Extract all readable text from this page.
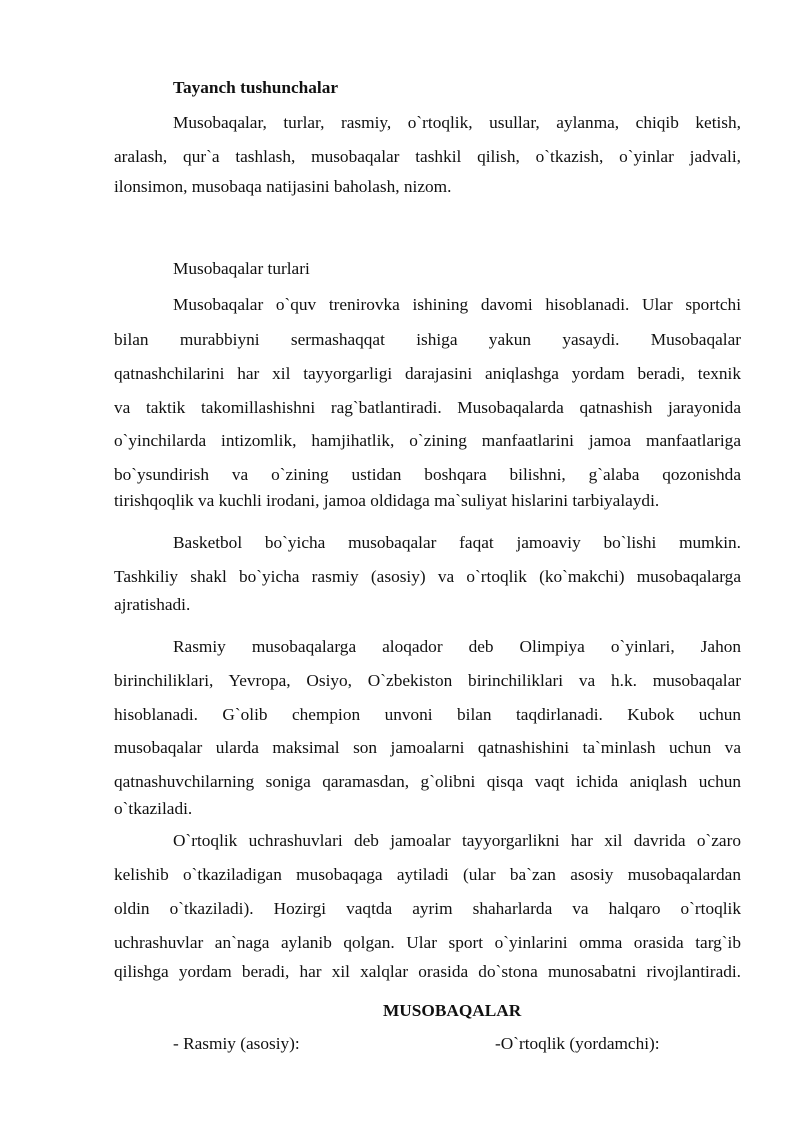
Tayanch tushunchalar
Musobaqalar, turlar, rasmiy, o`rtoqlik, usullar, aylanma, chiqib ketish,
aralash, qur`a tashlash, musobaqalar tashkil qilish, o`tkazish, o`yinlar jadvali,
ilonsimon, musobaqa natijasini baholash, nizom.
Musobaqalar turlari
Musobaqalar o`quv trenirovka ishining davomi hisoblanadi. Ular sportchi
bilan murabbiyni sermashaqqat ishiga yakun yasaydi. Musobaqalar
qatnashchilarini har xil tayyorgarligi darajasini aniqlashga yordam beradi, texnik
va taktik takomillashishni rag`batlantiradi. Musobaqalarda qatnashish jarayonida
o`yinchilarda intizomlik, hamjihatlik, o`zining manfaatlarini jamoa manfaatlariga
bo`ysundirish va o`zining ustidan boshqara bilishni, g`alaba qozonishda
tirishqoqlik va kuchli irodani, jamoa oldidaga ma`suliyat hislarini tarbiyalaydi.
Basketbol bo`yicha musobaqalar faqat jamoaviy bo`lishi mumkin.
Tashkiliy shakl bo`yicha rasmiy (asosiy) va o`rtoqlik (ko`makchi) musobaqalarga
ajratishadi.
Rasmiy musobaqalarga aloqador deb Olimpiya o`yinlari, Jahon
birinchiliklari, Yevropa, Osiyo, O`zbekiston birinchiliklari va h.k. musobaqalar
hisoblanadi. G`olib chempion unvoni bilan taqdirlanadi. Kubok uchun
musobaqalar ularda maksimal son jamoalarni qatnashishini ta`minlash uchun va
qatnashuvchilarning soniga qaramasdan, g`olibni qisqa vaqt ichida aniqlash uchun
o`tkaziladi.
O`rtoqlik uchrashuvlari deb jamoalar tayyorgarlikni har xil davrida o`zaro
kelishib o`tkaziladigan musobaqaga aytiladi (ular ba`zan asosiy musobaqalardan
oldin o`tkaziladi). Hozirgi vaqtda ayrim shaharlarda va halqaro o`rtoqlik
uchrashuvlar an`naga aylanib qolgan. Ular sport o`yinlarini omma orasida targ`ib
qilishga yordam beradi, har xil xalqlar orasida do`stona munosabatni rivojlantiradi.
MUSOBAQALAR
- Rasmiy (asosiy):	-O`rtoqlik (yordamchi):
